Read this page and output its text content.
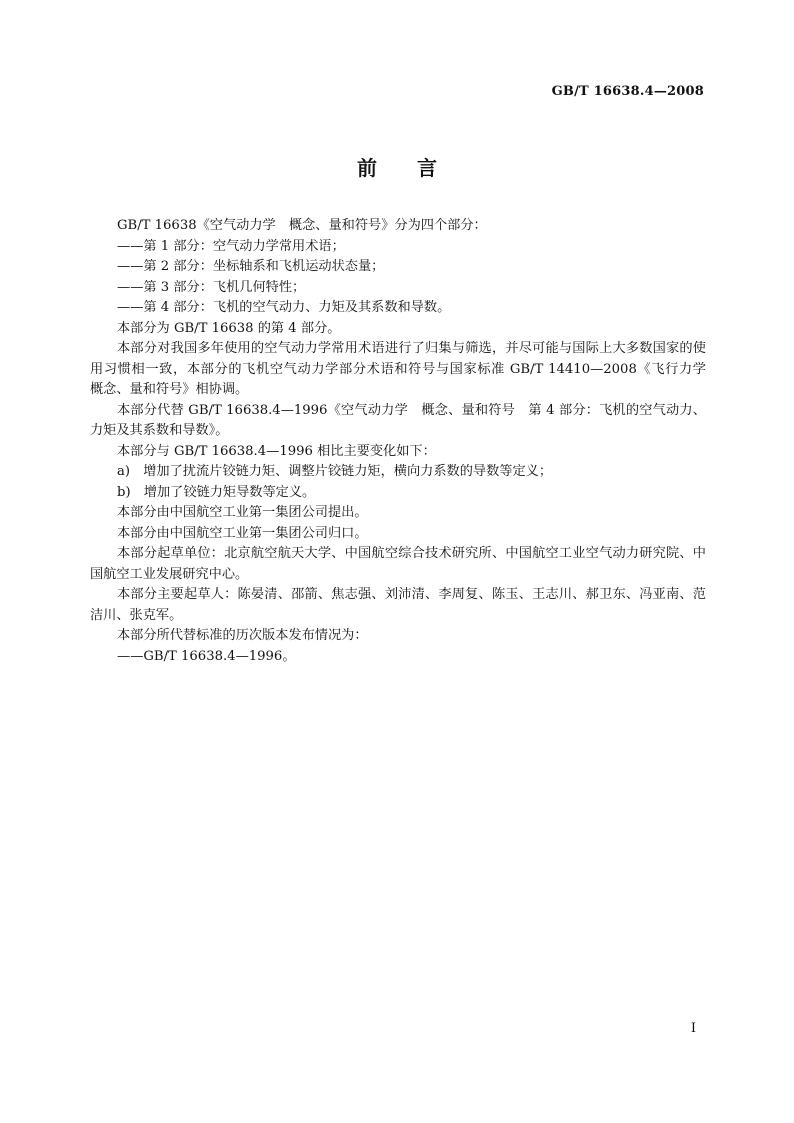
GB/T 16638.4—2008
前言

GB/T 16638《空气动力学　概念、量和符号》分为四个部分：

——第 1 部分：空气动力学常用术语；

——第 2 部分：坐标轴系和飞机运动状态量；

——第 3 部分：飞机几何特性；

——第 4 部分：飞机的空气动力、力矩及其系数和导数。

本部分为 GB/T 16638 的第 4 部分。

本部分对我国多年使用的空气动力学常用术语进行了归集与筛选，并尽可能与国际上大多数国家的使用习惯相一致，本部分的飞机空气动力学部分术语和符号与国家标准 GB/T 14410—2008《飞行力学　概念、量和符号》相协调。

本部分代替 GB/T 16638.4—1996《空气动力学　概念、量和符号　第 4 部分：飞机的空气动力、力矩及其系数和导数》。

本部分与 GB/T 16638.4—1996 相比主要变化如下：

a)　增加了扰流片铰链力矩、调整片铰链力矩，横向力系数的导数等定义；

b)　增加了铰链力矩导数等定义。

本部分由中国航空工业第一集团公司提出。

本部分由中国航空工业第一集团公司归口。

本部分起草单位：北京航空航天大学、中国航空综合技术研究所、中国航空工业空气动力研究院、中国航空工业发展研究中心。

本部分主要起草人：陈晏清、邵箭、焦志强、刘沛清、李周复、陈玉、王志川、郝卫东、冯亚南、范洁川、张克军。

本部分所代替标准的历次版本发布情况为：

——GB/T 16638.4—1996。

I
